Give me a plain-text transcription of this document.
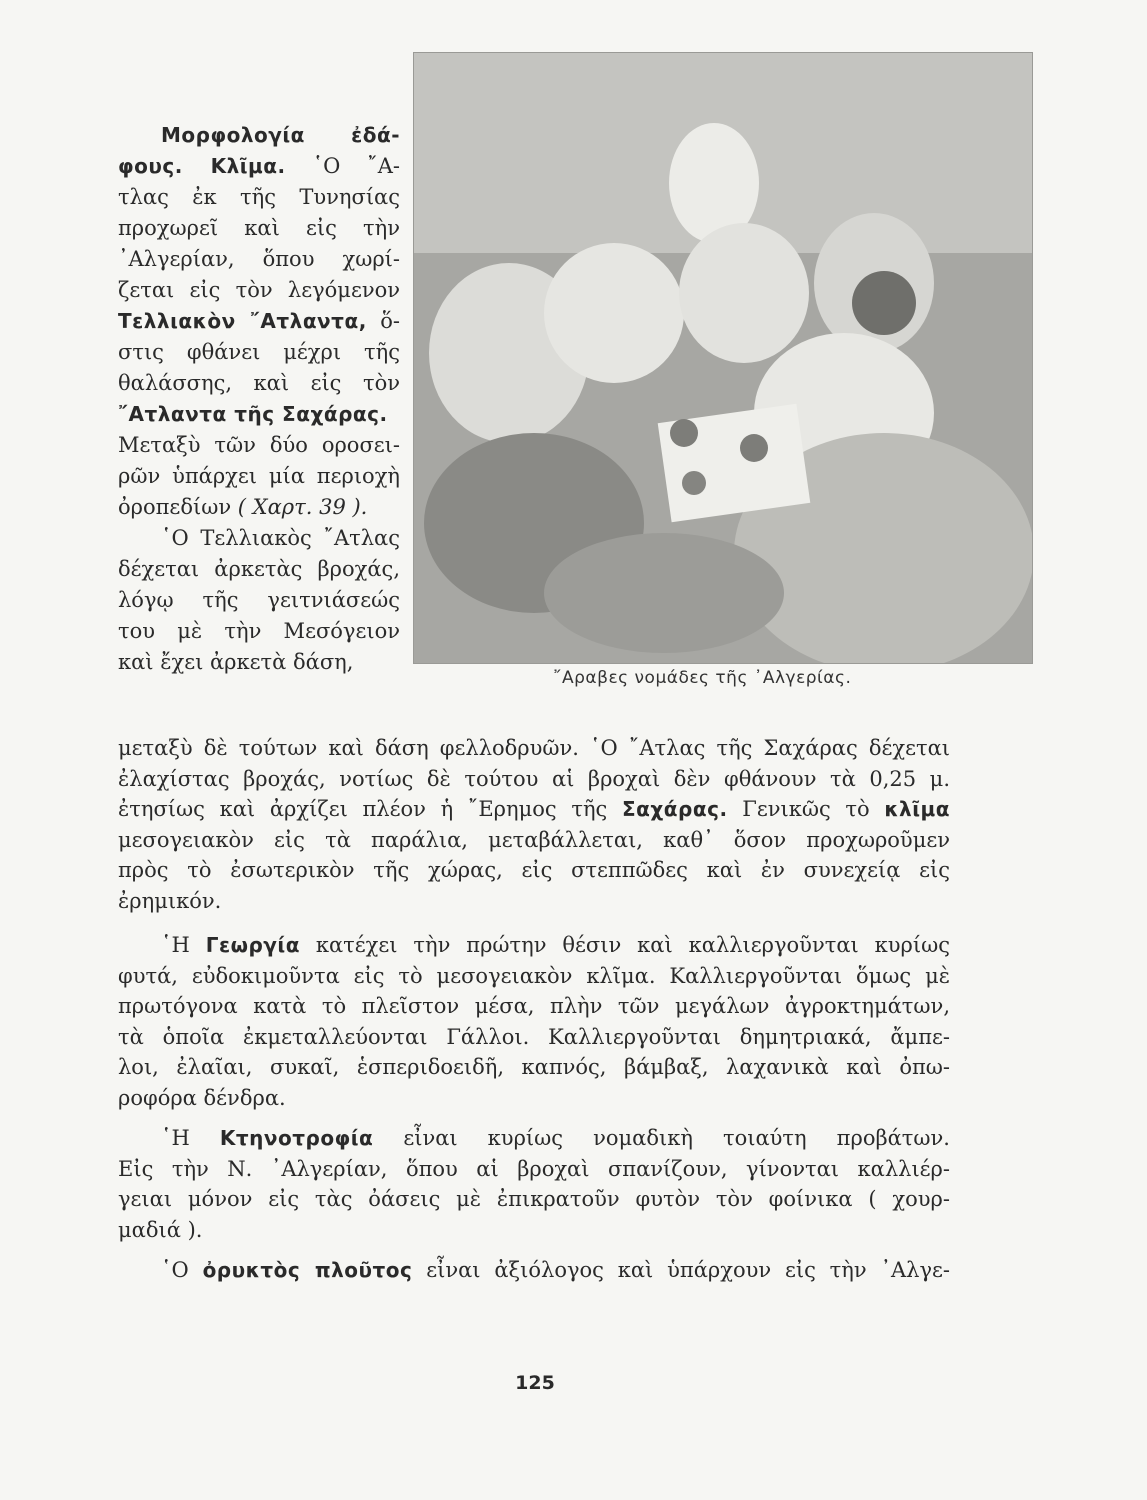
῎Αραβες νομάδες τῆς ᾽Αλγερίας.
Μορφολογία ἐδά-
φους. Κλῖμα. ῾Ο ῎Α-
τλας ἐκ τῆς Τυνησίας
προχωρεῖ καὶ εἰς τὴν
᾽Αλγερίαν, ὅπου χωρί-
ζεται εἰς τὸν λεγόμενον
Τελλιακὸν ῎Ατλαντα, ὅ-
στις φθάνει μέχρι τῆς
θαλάσσης, καὶ εἰς τὸν
῎Ατλαντα τῆς Σαχάρας.
Μεταξὺ τῶν δύο οροσει-
ρῶν ὑπάρχει μία περιοχὴ
ὀροπεδίων ( Χαρτ. 39 ).
῾Ο Τελλιακὸς ῎Ατλας
δέχεται ἀρκετὰς βροχάς,
λόγῳ τῆς γειτνιάσεώς
του μὲ τὴν Μεσόγειον
καὶ ἔχει ἀρκετὰ δάση,
μεταξὺ δὲ τούτων καὶ δάση φελλοδρυῶν. ῾Ο ῎Ατλας τῆς Σαχάρας δέχεται
ἐλαχίστας βροχάς, νοτίως δὲ τούτου αἱ βροχαὶ δὲν φθάνουν τὰ 0,25 μ.
ἐτησίως καὶ ἀρχίζει πλέον ἡ ῎Ερημος τῆς Σαχάρας. Γενικῶς τὸ κλῖμα
μεσογειακὸν εἰς τὰ παράλια, μεταβάλλεται, καθ᾽ ὅσον προχωροῦμεν
πρὸς τὸ ἐσωτερικὸν τῆς χώρας, εἰς στεππῶδες καὶ ἐν συνεχείᾳ εἰς
ἐρημικόν.
῾Η Γεωργία κατέχει τὴν πρώτην θέσιν καὶ καλλιεργοῦνται κυρίως
φυτά, εὐδοκιμοῦντα εἰς τὸ μεσογειακὸν κλῖμα. Καλλιεργοῦνται ὅμως μὲ
πρωτόγονα κατὰ τὸ πλεῖστον μέσα, πλὴν τῶν μεγάλων ἀγροκτημάτων,
τὰ ὁποῖα ἐκμεταλλεύονται Γάλλοι. Καλλιεργοῦνται δημητριακά, ἄμπε-
λοι, ἐλαῖαι, συκαῖ, ἑσπεριδοειδῆ, καπνός, βάμβαξ, λαχανικὰ καὶ ὀπω-
ροφόρα δένδρα.
῾Η Κτηνοτροφία εἶναι κυρίως νομαδικὴ τοιαύτη προβάτων.
Εἰς τὴν Ν. ᾽Αλγερίαν, ὅπου αἱ βροχαὶ σπανίζουν, γίνονται καλλιέρ-
γειαι μόνον εἰς τὰς ὀάσεις μὲ ἐπικρατοῦν φυτὸν τὸν φοίνικα ( χουρ-
μαδιά ).
῾Ο ὀρυκτὸς πλοῦτος εἶναι ἀξιόλογος καὶ ὑπάρχουν εἰς τὴν ᾽Αλγε-
125
